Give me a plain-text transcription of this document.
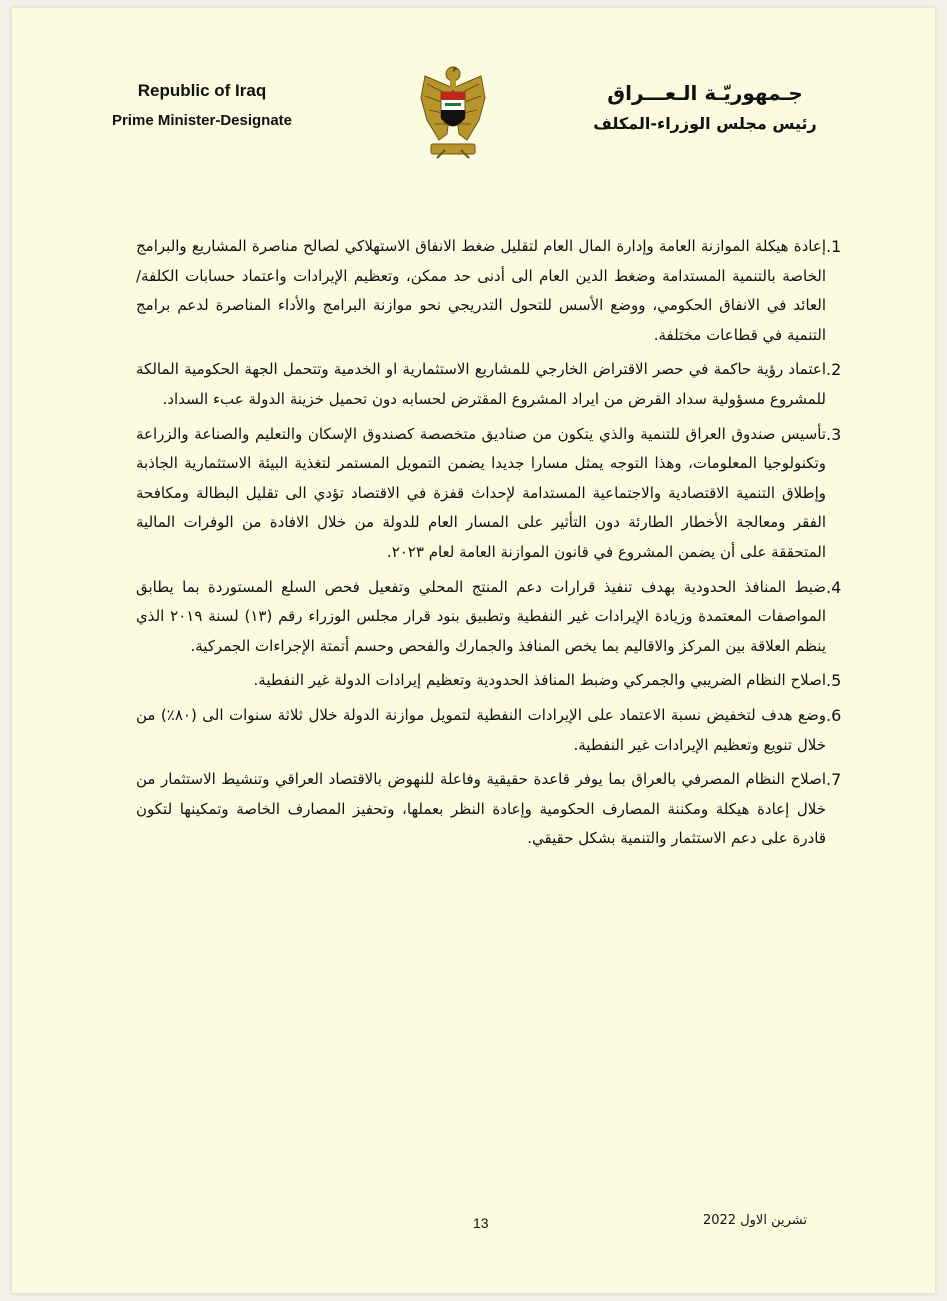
Republic of Iraq
Prime Minister-Designate
جـمهوريّـة الـعـــراق
رئيس مجلس الوزراء-المكلف
.1
إعادة هيكلة الموازنة العامة وإدارة المال العام لتقليل ضغط الانفاق الاستهلاكي لصالح مناصرة المشاريع والبرامج الخاصة بالتنمية المستدامة وضغط الدين العام الى أدنى حد ممكن، وتعظيم الإيرادات واعتماد حسابات الكلفة/ العائد في الانفاق الحكومي، ووضع الأسس للتحول التدريجي نحو موازنة البرامج والأداء المناصرة لدعم برامج التنمية في قطاعات مختلفة.
.2
اعتماد رؤية حاكمة في حصر الاقتراض الخارجي للمشاريع الاستثمارية او الخدمية وتتحمل الجهة الحكومية المالكة للمشروع مسؤولية سداد القرض من ايراد المشروع المقترض لحسابه دون تحميل خزينة الدولة عبء السداد.
.3
تأسيس صندوق العراق للتنمية والذي يتكون من صناديق متخصصة كصندوق الإسكان والتعليم والصناعة والزراعة وتكنولوجيا المعلومات، وهذا التوجه يمثل مسارا جديدا يضمن التمويل المستمر لتغذية البيئة الاستثمارية الجاذبة وإطلاق التنمية الاقتصادية والاجتماعية المستدامة لإحداث قفزة في الاقتصاد تؤدي الى تقليل البطالة ومكافحة الفقر ومعالجة الأخطار الطارئة دون التأثير على المسار العام للدولة من خلال الافادة من الوفرات المالية المتحققة على أن يضمن المشروع في قانون الموازنة العامة لعام ٢٠٢٣.
.4
ضبط المنافذ الحدودية بهدف تنفيذ قرارات دعم المنتج المحلي وتفعيل فحص السلع المستوردة بما يطابق المواصفات المعتمدة وزيادة الإيرادات غير النفطية وتطبيق بنود قرار مجلس الوزراء رقم (١٣) لسنة ٢٠١٩ الذي ينظم العلاقة بين المركز والاقاليم بما يخص المنافذ والجمارك والفحص وحسم أتمتة الإجراءات الجمركية.
.5
اصلاح النظام الضريبي والجمركي وضبط المنافذ الحدودية وتعظيم إيرادات الدولة غير النفطية.
.6
وضع هدف لتخفيض نسبة الاعتماد على الإيرادات النفطية لتمويل موازنة الدولة خلال ثلاثة سنوات الى (٨٠٪) من خلال تنويع وتعظيم الإيرادات غير النفطية.
.7
اصلاح النظام المصرفي بالعراق بما يوفر قاعدة حقيقية وفاعلة للنهوض بالاقتصاد العراقي وتنشيط الاستثمار من خلال إعادة هيكلة ومكننة المصارف الحكومية وإعادة النظر بعملها، وتحفيز المصارف الخاصة وتمكينها لتكون قادرة على دعم الاستثمار والتنمية بشكل حقيقي.
13	تشرين الاول 2022
